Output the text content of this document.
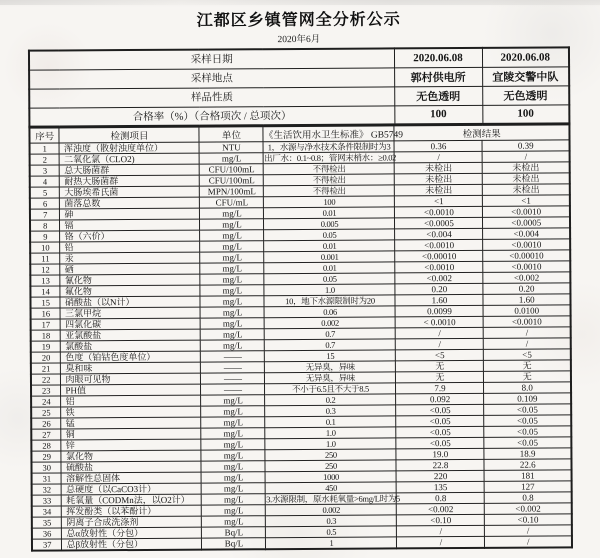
江都区乡镇管网全分析公示
2020年6月
采样日期	2020.06.08	2020.06.08
采样地点	郭村供电所	宜陵交警中队
样品性质	无色透明	无色透明
合格率（%）（合格项次 / 总项次）	100	100
序号	检测项目	单位	《生活饮用水卫生标准》 GB5749	检测结果	
1	浑浊度（散射浊度单位）	NTU	1，水源与净水技术条件限制时为3	0.36	0.39
2	二氧化氯（CLO2)	mg/L	出厂水：0.1~0.8；管网末梢水：≥0.02	/	/
3	总大肠菌群	CFU/100mL	不得检出	未检出	未检出
4	耐热大肠菌群	CFU/100mL	不得检出	未检出	未检出
5	大肠埃希氏菌	MPN/100mL	不得检出	未检出	未检出
6	菌落总数	CFU/mL	100	<1	<1
7	砷	mg/L	0.01	<0.0010	<0.0010
8	镉	mg/L	0.005	<0.0005	<0.0005
9	铬（六价）	mg/L	0.05	<0.004	<0.004
10	铅	mg/L	0.01	<0.0010	<0.0010
11	汞	mg/L	0.001	<0.00010	<0.00010
12	硒	mg/L	0.01	<0.0010	<0.0010
13	氰化物	mg/L	0.05	<0.002	<0.002
14	氟化物	mg/L	1.0	0.20	0.20
15	硝酸盐（以N计）	mg/L	10，地下水源限制时为20	1.60	1.60
16	三氯甲烷	mg/L	0.06	0.0099	0.0100
17	四氯化碳	mg/L	0.002	< 0.0010	<0.0010
18	亚氯酸盐	mg/L	0.7	/	/
19	氯酸盐	mg/L	0.7	/	/
20	色度（铂钴色度单位）	——	15	<5	<5
21	臭和味	——	无异臭，异味	无	无
22	肉眼可见物	——	无异臭，异味	无	无
23	PH值	——	不小于6.5且不大于8.5	7.9	8.0
24	铝	mg/L	0.2	0.092	0.109
25	铁	mg/L	0.3	<0.05	<0.05
26	锰	mg/L	0.1	<0.05	<0.05
27	铜	mg/L	1.0	<0.05	<0.05
28	锌	mg/L	1.0	<0.05	<0.05
29	氯化物	mg/L	250	19.0	18.9
30	硫酸盐	mg/L	250	22.8	22.6
31	溶解性总固体	mg/L	1000	220	181
32	总硬度（以CaCO3计）	mg/L	450	135	127
33	耗氧量（CODMn法，以O2计）	mg/L	3.水源限制，原水耗氧量>6mg/L时为5	0.8	0.8
34	挥发酚类（以苯酚计）	mg/L	0.002	<0.002	<0.002
35	阴离子合成洗涤剂	mg/L	0.3	<0.10	<0.10
36	总α放射性（分包）	Bq/L	0.5	/	/
37	总β放射性（分包）	Bq/L	1	/	/
